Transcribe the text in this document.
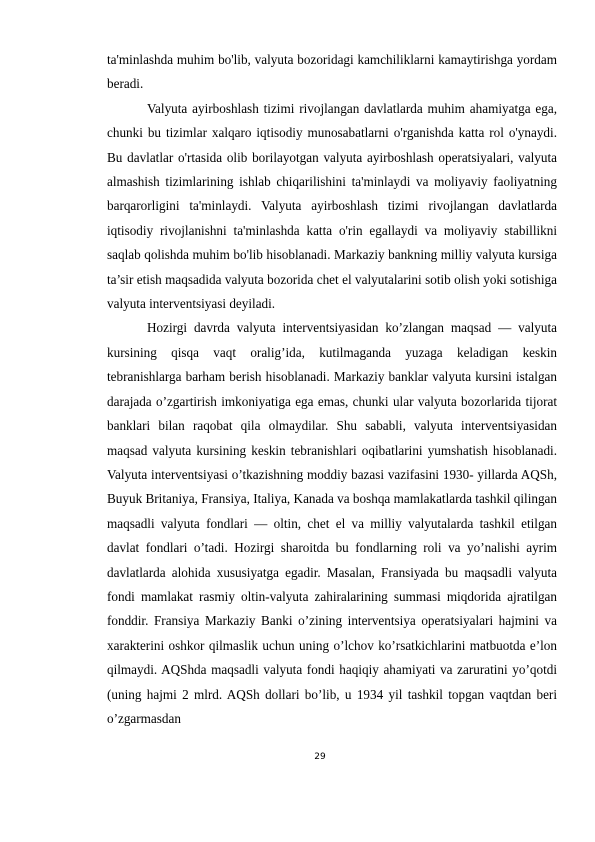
ta'minlashda muhim bo'lib, valyuta bozoridagi kamchiliklarni kamaytirishga yordam beradi.

Valyuta ayirboshlash tizimi rivojlangan davlatlarda muhim ahamiyatga ega, chunki bu tizimlar xalqaro iqtisodiy munosabatlarni o'rganishda katta rol o'ynaydi. Bu davlatlar o'rtasida olib borilayotgan valyuta ayirboshlash operatsiyalari, valyuta almashish tizimlarining ishlab chiqarilishini ta'minlaydi va moliyaviy faoliyatning barqarorligini ta'minlaydi. Valyuta ayirboshlash tizimi rivojlangan davlatlarda iqtisodiy rivojlanishni ta'minlashda katta o'rin egallaydi va moliyaviy stabillikni saqlab qolishda muhim bo'lib hisoblanadi. Markaziy bankning milliy valyuta kursiga ta’sir etish maqsadida valyuta bozorida chet el valyutalarini sotib olish yoki sotishiga valyuta interventsiyasi deyiladi.

Hozirgi davrda valyuta interventsiyasidan ko’zlangan maqsad — valyuta kursining qisqa vaqt oralig’ida, kutilmaganda yuzaga keladigan keskin tebranishlarga barham berish hisoblanadi. Markaziy banklar valyuta kursini istalgan darajada o’zgartirish imkoniyatiga ega emas, chunki ular valyuta bozorlarida tijorat banklari bilan raqobat qila olmaydilar. Shu sababli, valyuta interventsiyasidan maqsad valyuta kursining keskin tebranishlari oqibatlarini yumshatish hisoblanadi. Valyuta interventsiyasi o’tkazishning moddiy bazasi vazifasini 1930- yillarda AQSh, Buyuk Britaniya, Fransiya, Italiya, Kanada va boshqa mamlakatlarda tashkil qilingan maqsadli valyuta fondlari — oltin, chet el va milliy valyutalarda tashkil etilgan davlat fondlari o’tadi. Hozirgi sharoitda bu fondlarning roli va yo’nalishi ayrim davlatlarda alohida xususiyatga egadir. Masalan, Fransiyada bu maqsadli valyuta fondi mamlakat rasmiy oltin-valyuta zahiralarining summasi miqdorida ajratilgan fonddir. Fransiya Markaziy Banki o’zining interventsiya operatsiyalari hajmini va xarakterini oshkor qilmaslik uchun uning o’lchov ko’rsatkichlarini matbuotda e’lon qilmaydi. AQShda maqsadli valyuta fondi haqiqiy ahamiyati va zaruratini yo’qotdi (uning hajmi 2 mlrd. AQSh dollari bo’lib, u 1934 yil tashkil topgan vaqtdan beri o’zgarmasdan

29
